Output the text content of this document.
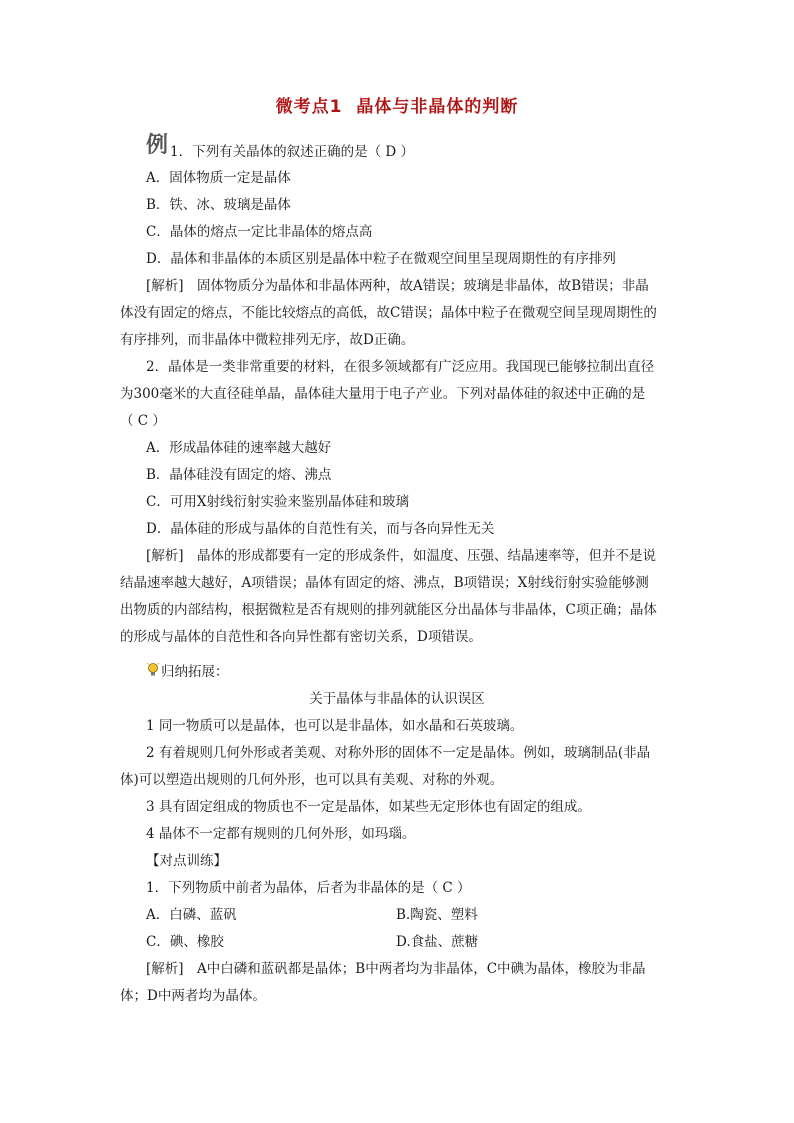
微考点1 晶体与非晶体的判断
例 1．下列有关晶体的叙述正确的是（ D ）
A．固体物质一定是晶体
B．铁、冰、玻璃是晶体
C．晶体的熔点一定比非晶体的熔点高
D．晶体和非晶体的本质区别是晶体中粒子在微观空间里呈现周期性的有序排列
[解析]　固体物质分为晶体和非晶体两种，故A错误；玻璃是非晶体，故B错误；非晶
体没有固定的熔点，不能比较熔点的高低，故C错误；晶体中粒子在微观空间呈现周期性的
有序排列，而非晶体中微粒排列无序，故D正确。
2．晶体是一类非常重要的材料，在很多领域都有广泛应用。我国现已能够拉制出直径
为300毫米的大直径硅单晶，晶体硅大量用于电子产业。下列对晶体硅的叙述中正确的是
（ C ）
A．形成晶体硅的速率越大越好
B．晶体硅没有固定的熔、沸点
C．可用X射线衍射实验来鉴别晶体硅和玻璃
D．晶体硅的形成与晶体的自范性有关，而与各向异性无关
[解析]　晶体的形成都要有一定的形成条件，如温度、压强、结晶速率等，但并不是说
结晶速率越大越好，A项错误；晶体有固定的熔、沸点，B项错误；X射线衍射实验能够测
出物质的内部结构，根据微粒是否有规则的排列就能区分出晶体与非晶体，C项正确；晶体
的形成与晶体的自范性和各向异性都有密切关系，D项错误。
归纳拓展：
关于晶体与非晶体的认识误区
1 同一物质可以是晶体，也可以是非晶体，如水晶和石英玻璃。
2 有着规则几何外形或者美观、对称外形的固体不一定是晶体。例如，玻璃制品(非晶
体)可以塑造出规则的几何外形，也可以具有美观、对称的外观。
3 具有固定组成的物质也不一定是晶体，如某些无定形体也有固定的组成。
4 晶体不一定都有规则的几何外形，如玛瑙。
【对点训练】
1．下列物质中前者为晶体，后者为非晶体的是（ C ）
A．白磷、蓝矾	B.陶瓷、塑料
C．碘、橡胶	D.食盐、蔗糖
[解析]　A中白磷和蓝矾都是晶体；B中两者均为非晶体，C中碘为晶体，橡胶为非晶
体；D中两者均为晶体。
